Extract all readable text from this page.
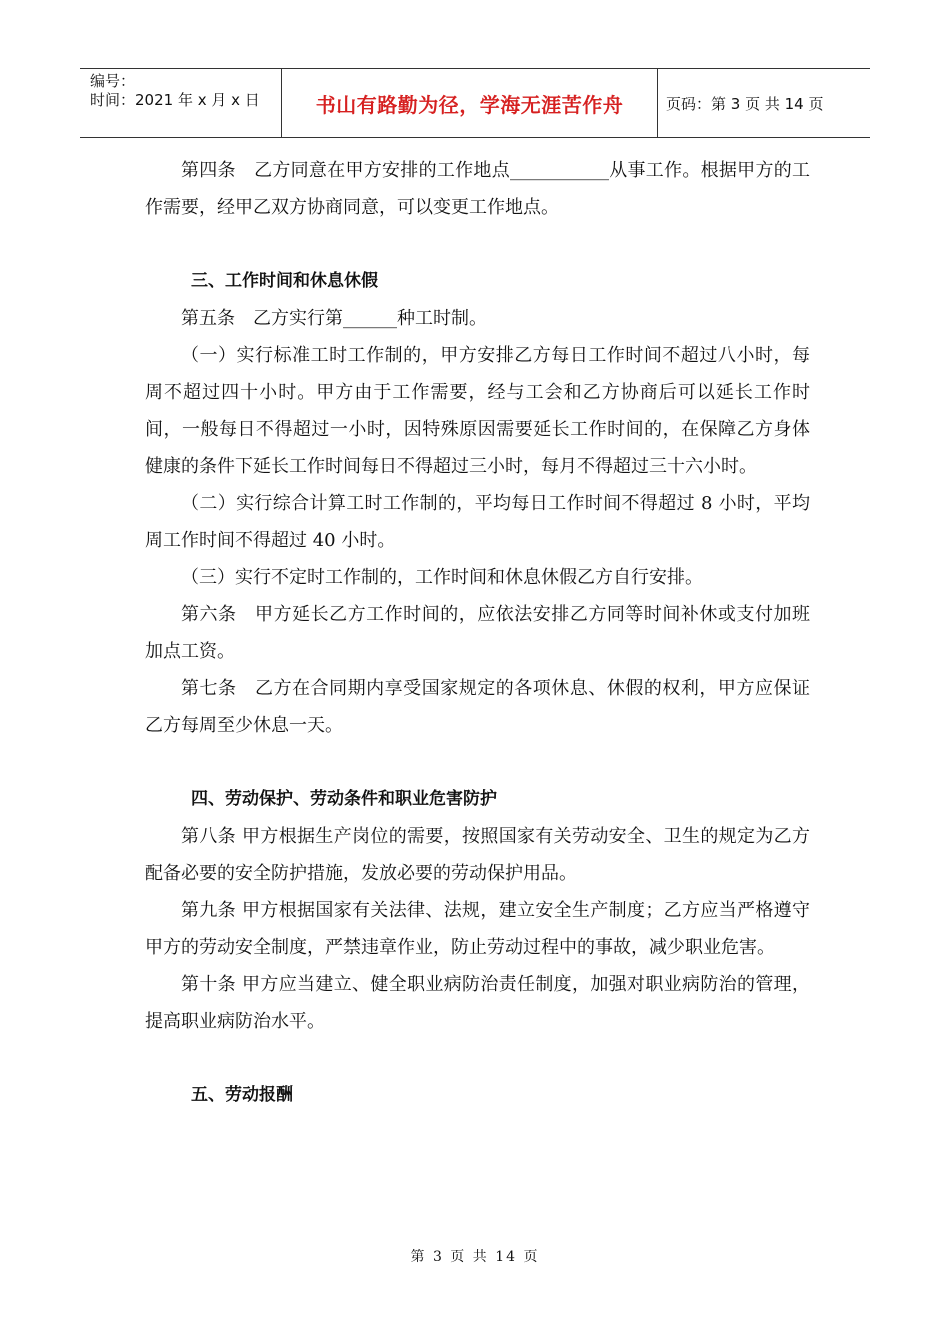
编号：
时间：2021 年 x 月 x 日	书山有路勤为径，学海无涯苦作舟	页码：第 3 页 共 14 页

第四条　乙方同意在甲方安排的工作地点___________从事工作。根据甲方的工作需要，经甲乙双方协商同意，可以变更工作地点。

三、工作时间和休息休假

第五条　乙方实行第______种工时制。

（一）实行标准工时工作制的，甲方安排乙方每日工作时间不超过八小时，每周不超过四十小时。甲方由于工作需要，经与工会和乙方协商后可以延长工作时间，一般每日不得超过一小时，因特殊原因需要延长工作时间的，在保障乙方身体健康的条件下延长工作时间每日不得超过三小时，每月不得超过三十六小时。

（二）实行综合计算工时工作制的，平均每日工作时间不得超过 8 小时，平均周工作时间不得超过 40 小时。

（三）实行不定时工作制的，工作时间和休息休假乙方自行安排。

第六条　甲方延长乙方工作时间的，应依法安排乙方同等时间补休或支付加班加点工资。

第七条　乙方在合同期内享受国家规定的各项休息、休假的权利，甲方应保证乙方每周至少休息一天。

四、劳动保护、劳动条件和职业危害防护

第八条 甲方根据生产岗位的需要，按照国家有关劳动安全、卫生的规定为乙方配备必要的安全防护措施，发放必要的劳动保护用品。

第九条 甲方根据国家有关法律、法规，建立安全生产制度；乙方应当严格遵守甲方的劳动安全制度，严禁违章作业，防止劳动过程中的事故，减少职业危害。

第十条 甲方应当建立、健全职业病防治责任制度，加强对职业病防治的管理，提高职业病防治水平。

五、劳动报酬

第 3 页 共 14 页
